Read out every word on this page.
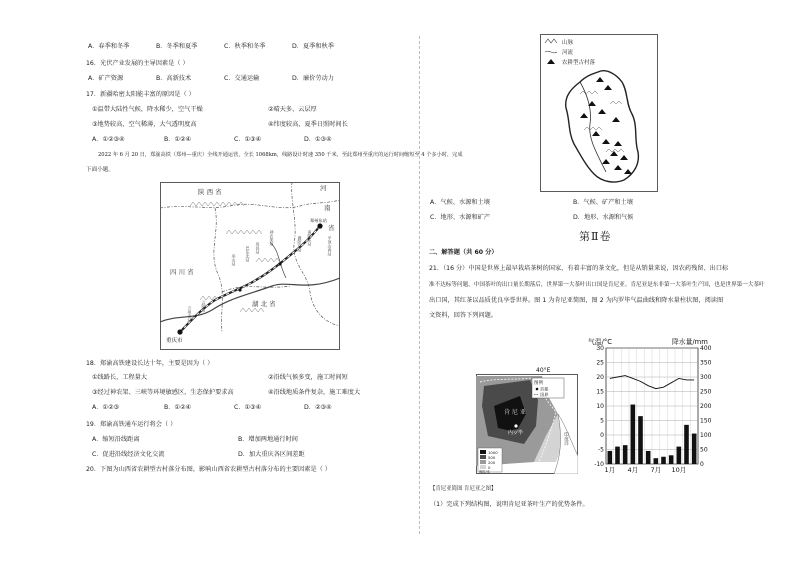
A．春季和冬季	B．冬季和夏季	C．秋季和冬季	D．夏季和秋季
16．光伏产业发展的主导因素是（ ）
A．矿产资源	B．高新技术	C．交通运输	D．廉价劳动力
17．新疆哈密太阳能丰富的原因是（ ）
①温带大陆性气候，降水稀少，空气干燥	②晴天多，云层厚
③地势较高，空气稀薄，大气透明度高	④纬度较高，夏季日照时间长
A．①②③④	B．①②④	C．①③④	D．①③④
2022 年 6 月 20 日，郑渝高铁（郑州—重庆）全线开通运营，全长 1068km，线路设计时速 350 千米，至此郑州至重庆的运行时间缩短至 4 个多小时，完成
下面小题。
神农架站
房县站
巴东北站
巫山站
襄阳东站 南阳东站	平顶山西站
万州北站 云阳站
陕 西 省	河
南
省
四 川 省
湖 北 省
重庆市
郑州东站
18．郑渝高铁建设长达十年，主要是因为（ ）
①线路长，工程量大	②沿线气候多变，施工时间短
③经过神农架、三峡等环境敏感区，生态保护要求高	④沿线地质条件复杂，施工难度大
A．①②③	B．①②④	C．①③④	D．②③④
19．郑渝高铁通车运行将会（ ）
A．缩短沿线距离	B．增加两地通行时间
C．促进沿线经济文化交流	D．加大重庆各区间差距
20．下图为山西省农耕型古村落分布图，影响山西省农耕型古村落分布的主要因素是（ ）
山脉
河流
农耕型古村落
A．气候、水源和土壤	B．气候、矿产和土壤
C．地形、水源和矿产	D．地形、水源和气候
第Ⅱ卷
二、解答题（共 60 分）
21．（16 分）中国是世界上最早栽培茶树的国家，有着丰富的茶文化，但是从销量来说，因农药残留、出口标
准不达标等问题，中国茶叶的出口量长期落后，世界第一大茶叶出口国是肯尼亚。肯尼亚是东非第一大茶叶生产国，也是世界第一大茶叶
出口国，其红茶以品质优良享誉世界。图 1 为肯尼亚简图，图 2 为内罗毕气温曲线和降水量柱状图，阅读图
文资料，回答下列问题。
40°E
图例
首都
国界
肯 尼 亚
内罗毕	印度洋
1000
500
200
0
海拔/米
气温/°C	降水量/mm
30
25
20
15
10
5
0
-5
-10
400
350
300
250
200
150
100
50
0
1月 4月 7月 10月
【肯尼亚简图 肯尼亚之图】
（1）完成下列结构图，说明肯尼亚茶叶生产的优势条件。
